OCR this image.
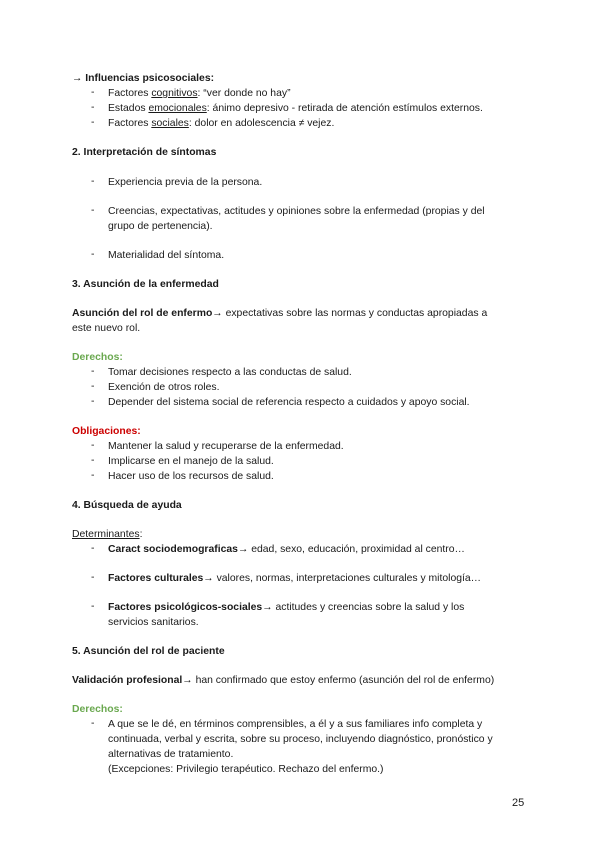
→ Influencias psicosociales:
-	Factores cognitivos: “ver donde no hay”
-	Estados emocionales: ánimo depresivo - retirada de atención estímulos externos.
-	Factores sociales: dolor en adolescencia ≠ vejez.
2. Interpretación de síntomas
-	Experiencia previa de la persona.
-	Creencias, expectativas, actitudes y opiniones sobre la enfermedad (propias y del
grupo de pertenencia).
-	Materialidad del síntoma.
3. Asunción de la enfermedad
Asunción del rol de enfermo→ expectativas sobre las normas y conductas apropiadas a
este nuevo rol.
Derechos:
-	Tomar decisiones respecto a las conductas de salud.
-	Exención de otros roles.
-	Depender del sistema social de referencia respecto a cuidados y apoyo social.
Obligaciones:
-	Mantener la salud y recuperarse de la enfermedad.
-	Implicarse en el manejo de la salud.
-	Hacer uso de los recursos de salud.
4. Búsqueda de ayuda
Determinantes:
-	Caract sociodemograficas→ edad, sexo, educación, proximidad al centro…
-	Factores culturales→ valores, normas, interpretaciones culturales y mitología…
-	Factores psicológicos-sociales→ actitudes y creencias sobre la salud y los
servicios sanitarios.
5. Asunción del rol de paciente
Validación profesional→ han confirmado que estoy enfermo (asunción del rol de enfermo)
Derechos:
-	A que se le dé, en términos comprensibles, a él y a sus familiares info completa y
continuada, verbal y escrita, sobre su proceso, incluyendo diagnóstico, pronóstico y
alternativas de tratamiento.
(Excepciones: Privilegio terapéutico. Rechazo del enfermo.)
25
